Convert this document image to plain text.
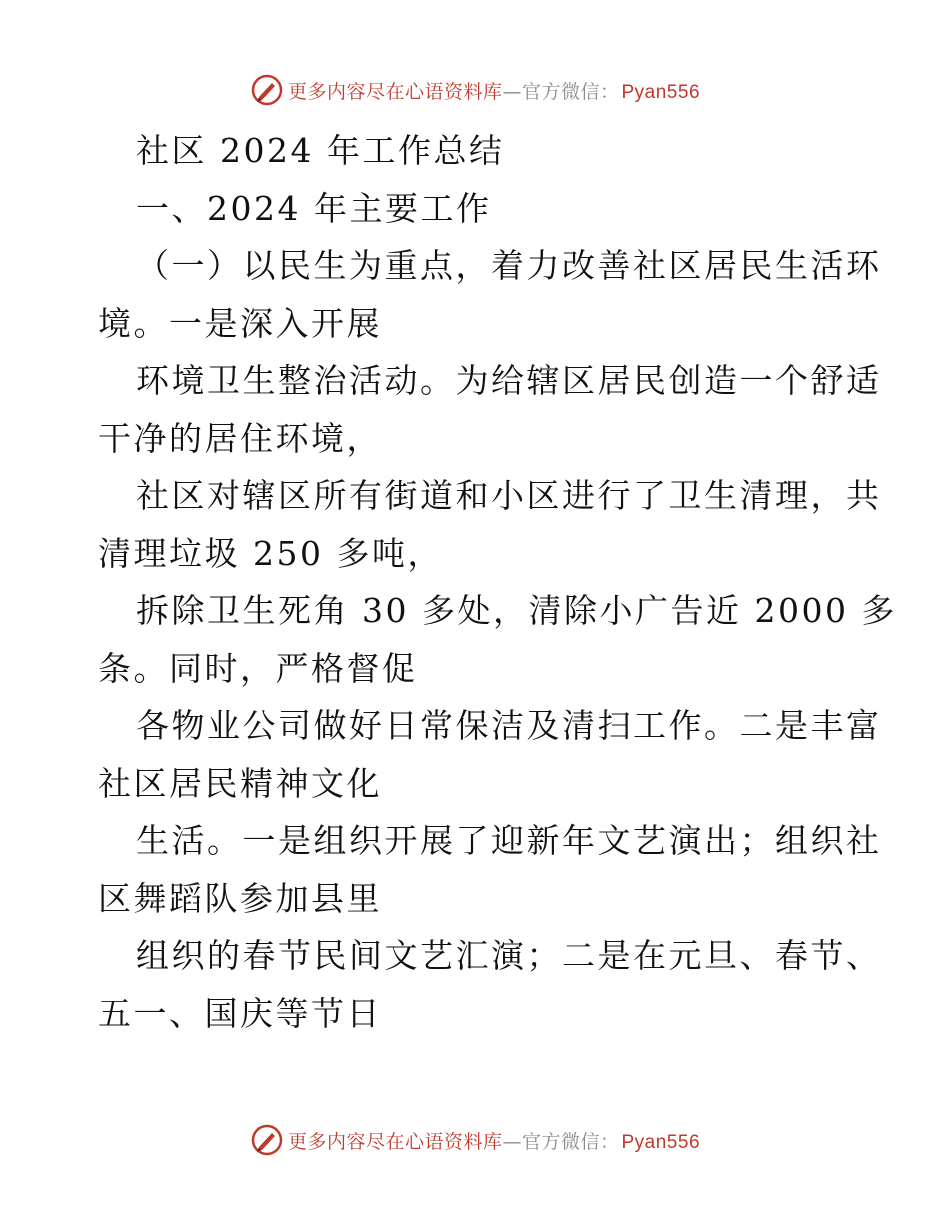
更多内容尽在心语资料库—官方微信： Pyan556
社区 2024 年工作总结
一、2024 年主要工作
（一）以民生为重点，着力改善社区居民生活环
境。一是深入开展
环境卫生整治活动。为给辖区居民创造一个舒适
干净的居住环境，
社区对辖区所有街道和小区进行了卫生清理，共
清理垃圾 250 多吨，
拆除卫生死角 30 多处，清除小广告近 2000 多
条。同时，严格督促
各物业公司做好日常保洁及清扫工作。二是丰富
社区居民精神文化
生活。一是组织开展了迎新年文艺演出；组织社
区舞蹈队参加县里
组织的春节民间文艺汇演；二是在元旦、春节、
五一、国庆等节日
更多内容尽在心语资料库—官方微信： Pyan556
